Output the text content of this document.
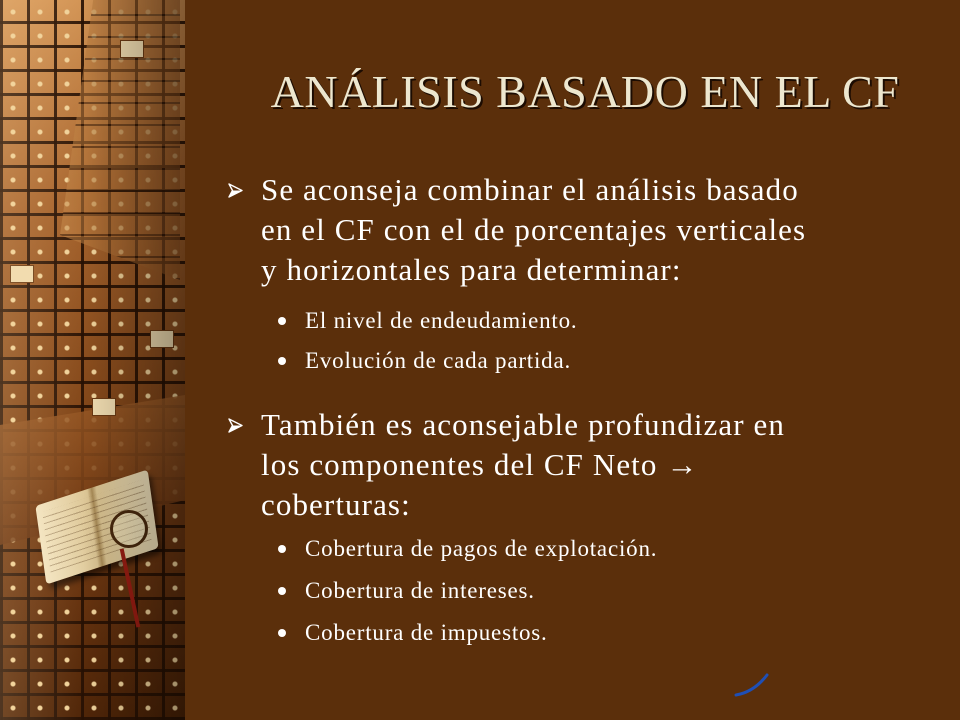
ANÁLISIS BASADO EN EL CF
Se aconseja combinar el análisis basado
en el CF con el de porcentajes verticales
y horizontales para determinar:
El nivel de endeudamiento.
Evolución de cada partida.
También es aconsejable profundizar en
los componentes del CF Neto →
coberturas:
Cobertura de pagos de explotación.
Cobertura de intereses.
Cobertura de impuestos.
